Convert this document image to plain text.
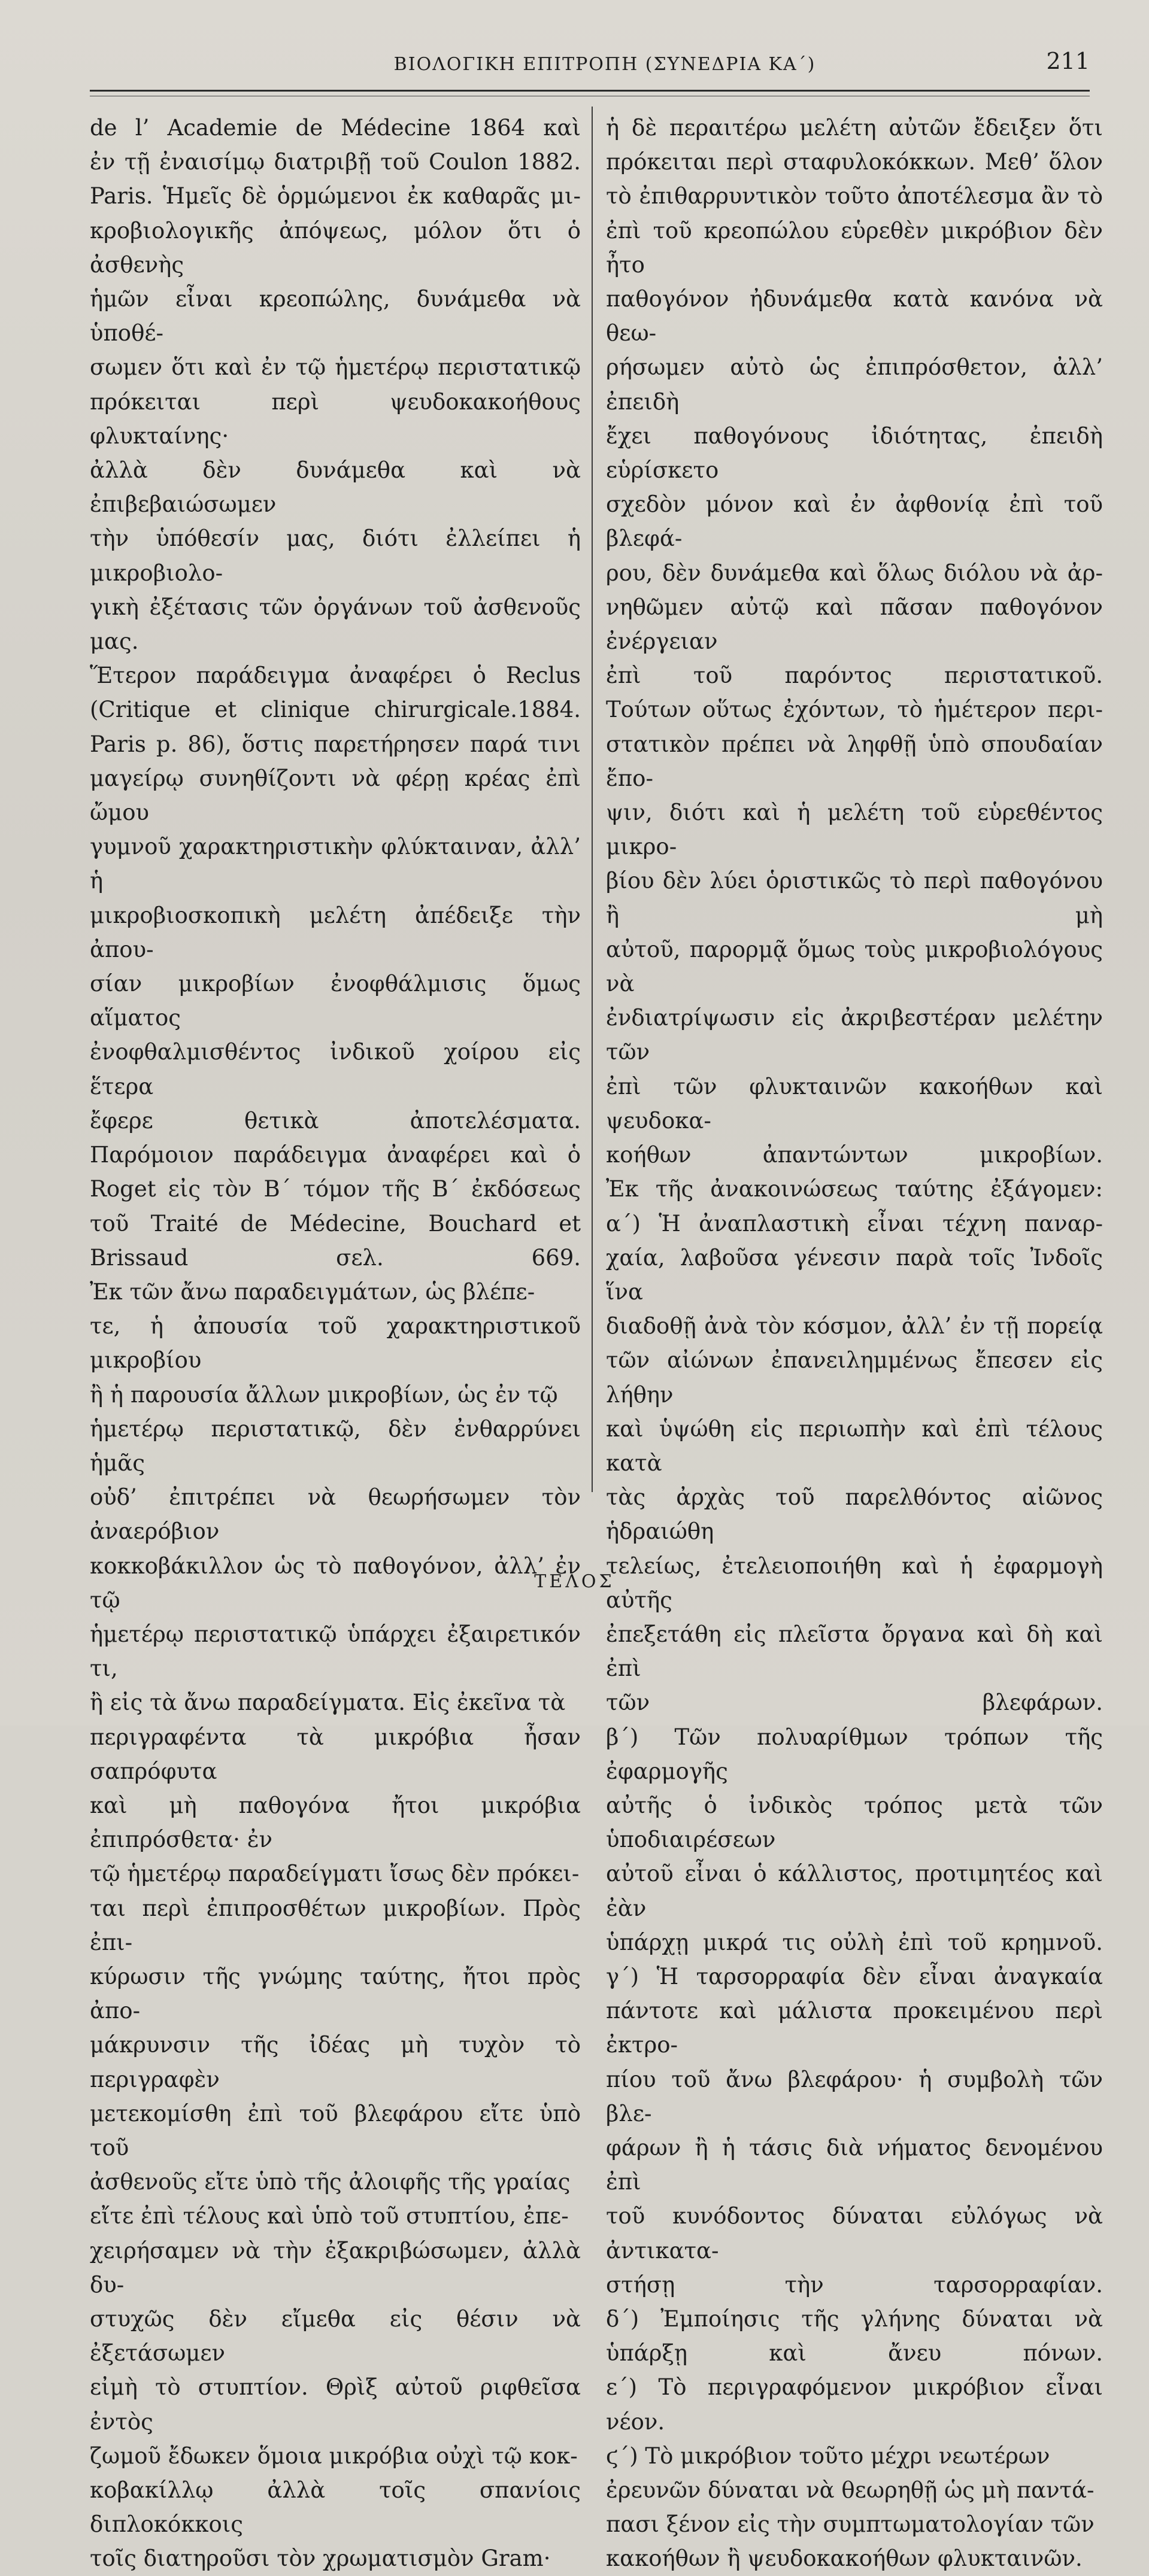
ΒΙΟΛΟΓΙΚΗ ΕΠΙΤΡΟΠΗ (ΣΥΝΕΔΡΙΑ ΚΑ΄)	211

de l’ Academie de Médecine 1864 καὶ
ἐν τῇ ἐναισίμῳ διατριβῇ τοῦ Coulon 1882.
Paris. Ἡμεῖς δὲ ὁρμώμενοι ἐκ καθαρᾶς μι-
κροβιολογικῆς ἀπόψεως, μόλον ὅτι ὁ ἀσθενὴς
ἡμῶν εἶναι κρεοπώλης, δυνάμεθα νὰ ὑποθέ-
σωμεν ὅτι καὶ ἐν τῷ ἡμετέρῳ περιστατικῷ
πρόκειται περὶ ψευδοκακοήθους φλυκταίνης·
ἀλλὰ δὲν δυνάμεθα καὶ νὰ ἐπιβεβαιώσωμεν
τὴν ὑπόθεσίν μας, διότι ἐλλείπει ἡ μικροβιολο-
γικὴ ἐξέτασις τῶν ὀργάνων τοῦ ἀσθενοῦς μας.

Ἕτερον παράδειγμα ἀναφέρει ὁ Reclus
(Critique et clinique chirurgicale.1884.
Paris p. 86), ὅστις παρετήρησεν παρά τινι
μαγείρῳ συνηθίζοντι νὰ φέρῃ κρέας ἐπὶ ὤμου
γυμνοῦ χαρακτηριστικὴν φλύκταιναν, ἀλλ’ ἡ
μικροβιοσκοπικὴ μελέτη ἀπέδειξε τὴν ἀπου-
σίαν μικροβίων ἐνοφθάλμισις ὅμως αἵματος
ἐνοφθαλμισθέντος ἰνδικοῦ χοίρου εἰς ἕτερα
ἔφερε θετικὰ ἀποτελέσματα.

Παρόμοιον παράδειγμα ἀναφέρει καὶ ὁ
Roget εἰς τὸν Β΄ τόμον τῆς Β΄ ἐκδόσεως
τοῦ Traité de Médecine, Bouchard et
Brissaud σελ. 669.

Ἐκ τῶν ἄνω παραδειγμάτων, ὡς βλέπε-
τε, ἡ ἀπουσία τοῦ χαρακτηριστικοῦ μικροβίου
ἢ ἡ παρουσία ἄλλων μικροβίων, ὡς ἐν τῷ
ἡμετέρῳ περιστατικῷ, δὲν ἐνθαρρύνει ἡμᾶς
οὐδ’ ἐπιτρέπει νὰ θεωρήσωμεν τὸν ἀναερόβιον
κοκκοβάκιλλον ὡς τὸ παθογόνον, ἀλλ’ ἐν τῷ
ἡμετέρῳ περιστατικῷ ὑπάρχει ἐξαιρετικόν τι,
ἢ εἰς τὰ ἄνω παραδείγματα. Εἰς ἐκεῖνα τὰ
περιγραφέντα τὰ μικρόβια ἦσαν σαπρόφυτα
καὶ μὴ παθογόνα ἤτοι μικρόβια ἐπιπρόσθετα· ἐν
τῷ ἡμετέρῳ παραδείγματι ἴσως δὲν πρόκει-
ται περὶ ἐπιπροσθέτων μικροβίων. Πρὸς ἐπι-
κύρωσιν τῆς γνώμης ταύτης, ἤτοι πρὸς ἀπο-
μάκρυνσιν τῆς ἰδέας μὴ τυχὸν τὸ περιγραφὲν
μετεκομίσθη ἐπὶ τοῦ βλεφάρου εἴτε ὑπὸ τοῦ
ἀσθενοῦς εἴτε ὑπὸ τῆς ἀλοιφῆς τῆς γραίας
εἴτε ἐπὶ τέλους καὶ ὑπὸ τοῦ στυπτίου, ἐπε-
χειρήσαμεν νὰ τὴν ἐξακριβώσωμεν, ἀλλὰ δυ-
στυχῶς δὲν εἴμεθα εἰς θέσιν νὰ ἐξετάσωμεν
εἰμὴ τὸ στυπτίον. Θρὶξ αὐτοῦ ριφθεῖσα ἐντὸς
ζωμοῦ ἔδωκεν ὅμοια μικρόβια οὐχὶ τῷ κοκ-
κοβακίλλῳ ἀλλὰ τοῖς σπανίοις διπλοκόκκοις
τοῖς διατηροῦσι τὸν χρωματισμὸν Gram·

ἡ δὲ περαιτέρω μελέτη αὐτῶν ἔδειξεν ὅτι
πρόκειται περὶ σταφυλοκόκκων. Μεθ’ ὅλον
τὸ ἐπιθαρρυντικὸν τοῦτο ἀποτέλεσμα ἂν τὸ
ἐπὶ τοῦ κρεοπώλου εὑρεθὲν μικρόβιον δὲν ἦτο
παθογόνον ἠδυνάμεθα κατὰ κανόνα νὰ θεω-
ρήσωμεν αὐτὸ ὡς ἐπιπρόσθετον, ἀλλ’ ἐπειδὴ
ἔχει παθογόνους ἰδιότητας, ἐπειδὴ εὑρίσκετο
σχεδὸν μόνον καὶ ἐν ἀφθονίᾳ ἐπὶ τοῦ βλεφά-
ρου, δὲν δυνάμεθα καὶ ὅλως διόλου νὰ ἀρ-
νηθῶμεν αὐτῷ καὶ πᾶσαν παθογόνον ἐνέργειαν
ἐπὶ τοῦ παρόντος περιστατικοῦ.

Τούτων οὕτως ἐχόντων, τὸ ἡμέτερον περι-
στατικὸν πρέπει νὰ ληφθῇ ὑπὸ σπουδαίαν ἔπο-
ψιν, διότι καὶ ἡ μελέτη τοῦ εὑρεθέντος μικρο-
βίου δὲν λύει ὁριστικῶς τὸ περὶ παθογόνου ἢ μὴ
αὐτοῦ, παρορμᾷ ὅμως τοὺς μικροβιολόγους νὰ
ἐνδιατρίψωσιν εἰς ἀκριβεστέραν μελέτην τῶν
ἐπὶ τῶν φλυκταινῶν κακοήθων καὶ ψευδοκα-
κοήθων ἀπαντώντων μικροβίων.

Ἐκ τῆς ἀνακοινώσεως ταύτης ἐξάγομεν:

α΄) Ἡ ἀναπλαστικὴ εἶναι τέχνη παναρ-
χαία, λαβοῦσα γένεσιν παρὰ τοῖς Ἰνδοῖς ἵνα
διαδοθῇ ἀνὰ τὸν κόσμον, ἀλλ’ ἐν τῇ πορείᾳ
τῶν αἰώνων ἐπανειλημμένως ἔπεσεν εἰς λήθην
καὶ ὑψώθη εἰς περιωπὴν καὶ ἐπὶ τέλους κατὰ
τὰς ἀρχὰς τοῦ παρελθόντος αἰῶνος ἡδραιώθη
τελείως, ἐτελειοποιήθη καὶ ἡ ἐφαρμογὴ αὐτῆς
ἐπεξετάθη εἰς πλεῖστα ὄργανα καὶ δὴ καὶ ἐπὶ
τῶν βλεφάρων.

β΄) Τῶν πολυαρίθμων τρόπων τῆς ἐφαρμογῆς
αὐτῆς ὁ ἰνδικὸς τρόπος μετὰ τῶν ὑποδιαιρέσεων
αὐτοῦ εἶναι ὁ κάλλιστος, προτιμητέος καὶ ἐὰν
ὑπάρχῃ μικρά τις οὐλὴ ἐπὶ τοῦ κρημνοῦ.

γ΄) Ἡ ταρσορραφία δὲν εἶναι ἀναγκαία
πάντοτε καὶ μάλιστα προκειμένου περὶ ἐκτρο-
πίου τοῦ ἄνω βλεφάρου· ἡ συμβολὴ τῶν βλε-
φάρων ἢ ἡ τάσις διὰ νήματος δενομένου ἐπὶ
τοῦ κυνόδοντος δύναται εὐλόγως νὰ ἀντικατα-
στήσῃ τὴν ταρσορραφίαν.

δ΄) Ἐμποίησις τῆς γλήνης δύναται νὰ
ὑπάρξῃ καὶ ἄνευ πόνων.

ε΄) Τὸ περιγραφόμενον μικρόβιον εἶναι νέον.

ϛ΄) Τὸ μικρόβιον τοῦτο μέχρι νεωτέρων
ἐρευνῶν δύναται νὰ θεωρηθῇ ὡς μὴ παντά-
πασι ξένον εἰς τὴν συμπτωματολογίαν τῶν
κακοήθων ἢ ψευδοκακοήθων φλυκταινῶν.

ΤΕΛΟΣ
